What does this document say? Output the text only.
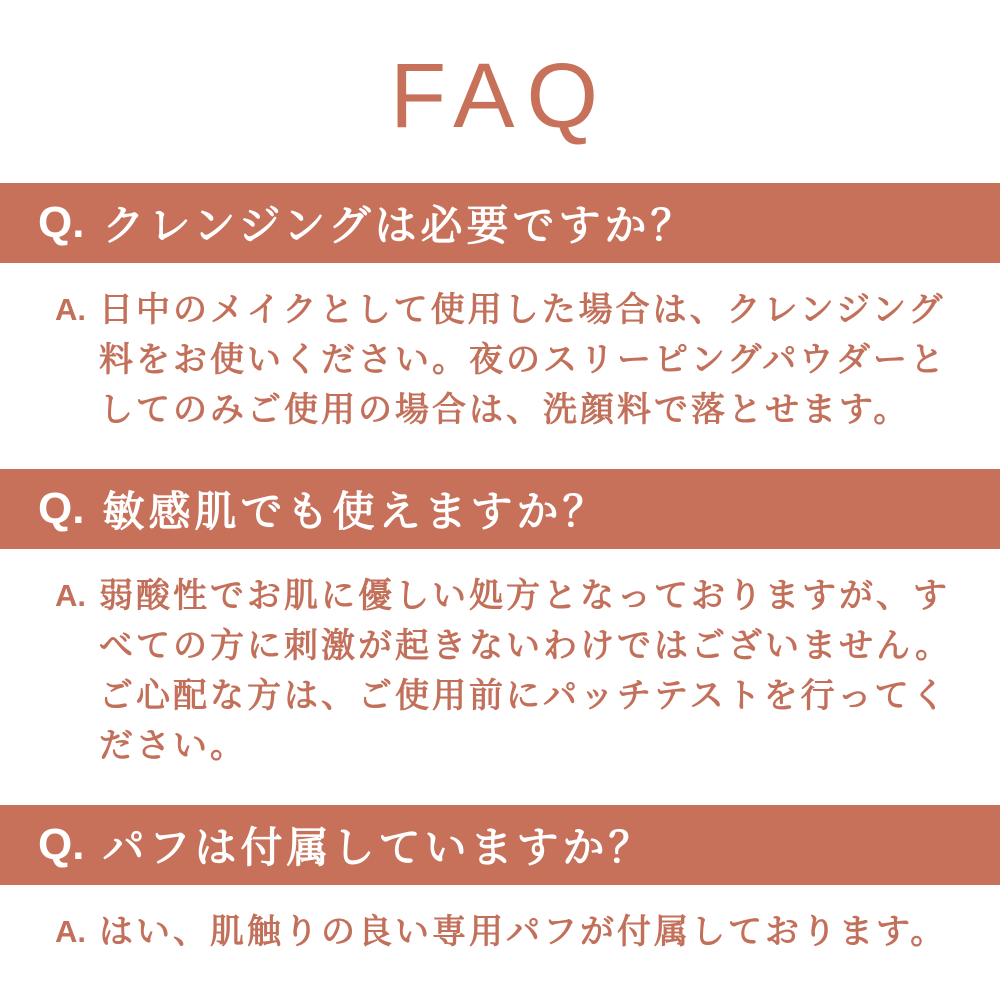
FAQ
Q. クレンジングは必要ですか？
A. 日中のメイクとして使用した場合は、クレンジング
料をお使いください。夜のスリーピングパウダーと
してのみご使用の場合は、洗顔料で落とせます。
Q. 敏感肌でも使えますか？
A. 弱酸性でお肌に優しい処方となっておりますが、す
べての方に刺激が起きないわけではございません。
ご心配な方は、ご使用前にパッチテストを行ってく
ださい。
Q. パフは付属していますか？
A. はい、肌触りの良い専用パフが付属しております。
